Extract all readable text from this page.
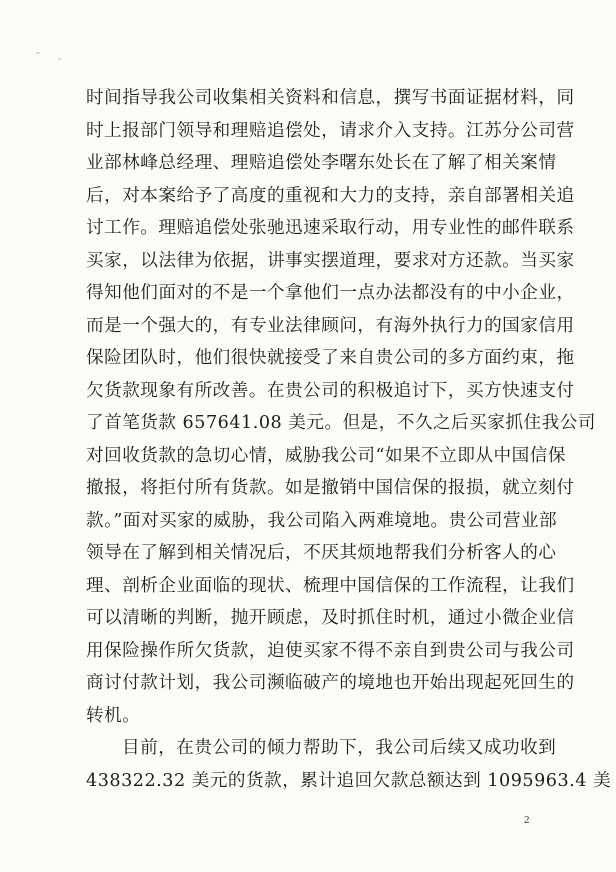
时间指导我公司收集相关资料和信息，撰写书面证据材料，同
时上报部门领导和理赔追偿处，请求介入支持。江苏分公司营
业部林峰总经理、理赔追偿处李曙东处长在了解了相关案情
后，对本案给予了高度的重视和大力的支持，亲自部署相关追
讨工作。理赔追偿处张驰迅速采取行动，用专业性的邮件联系
买家，以法律为依据，讲事实摆道理，要求对方还款。当买家
得知他们面对的不是一个拿他们一点办法都没有的中小企业，
而是一个强大的，有专业法律顾问，有海外执行力的国家信用
保险团队时，他们很快就接受了来自贵公司的多方面约束，拖
欠货款现象有所改善。在贵公司的积极追讨下，买方快速支付
了首笔货款 657641.08 美元。但是，不久之后买家抓住我公司
对回收货款的急切心情，威胁我公司“如果不立即从中国信保
撤报，将拒付所有货款。如是撤销中国信保的报损，就立刻付
款。”面对买家的威胁，我公司陷入两难境地。贵公司营业部
领导在了解到相关情况后，不厌其烦地帮我们分析客人的心
理、剖析企业面临的现状、梳理中国信保的工作流程，让我们
可以清晰的判断，抛开顾虑，及时抓住时机，通过小微企业信
用保险操作所欠货款，迫使买家不得不亲自到贵公司与我公司
商讨付款计划，我公司濒临破产的境地也开始出现起死回生的
转机。
目前，在贵公司的倾力帮助下，我公司后续又成功收到
438322.32 美元的货款，累计追回欠款总额达到 1095963.4 美
2
